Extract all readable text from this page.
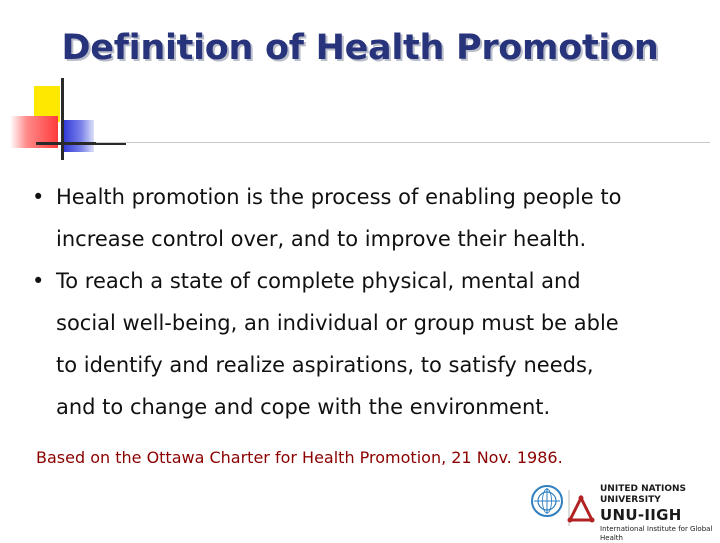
Definition of Health Promotion
• Health promotion is the process of enabling people to
increase control over, and to improve their health.
• To reach a state of complete physical, mental and
social well-being, an individual or group must be able
to identify and realize aspirations, to satisfy needs,
and to change and cope with the environment.
Based on the Ottawa Charter for Health Promotion, 21 Nov. 1986.
UNITED NATIONS
UNIVERSITY
UNU-IIGH
International Institute for Global Health
